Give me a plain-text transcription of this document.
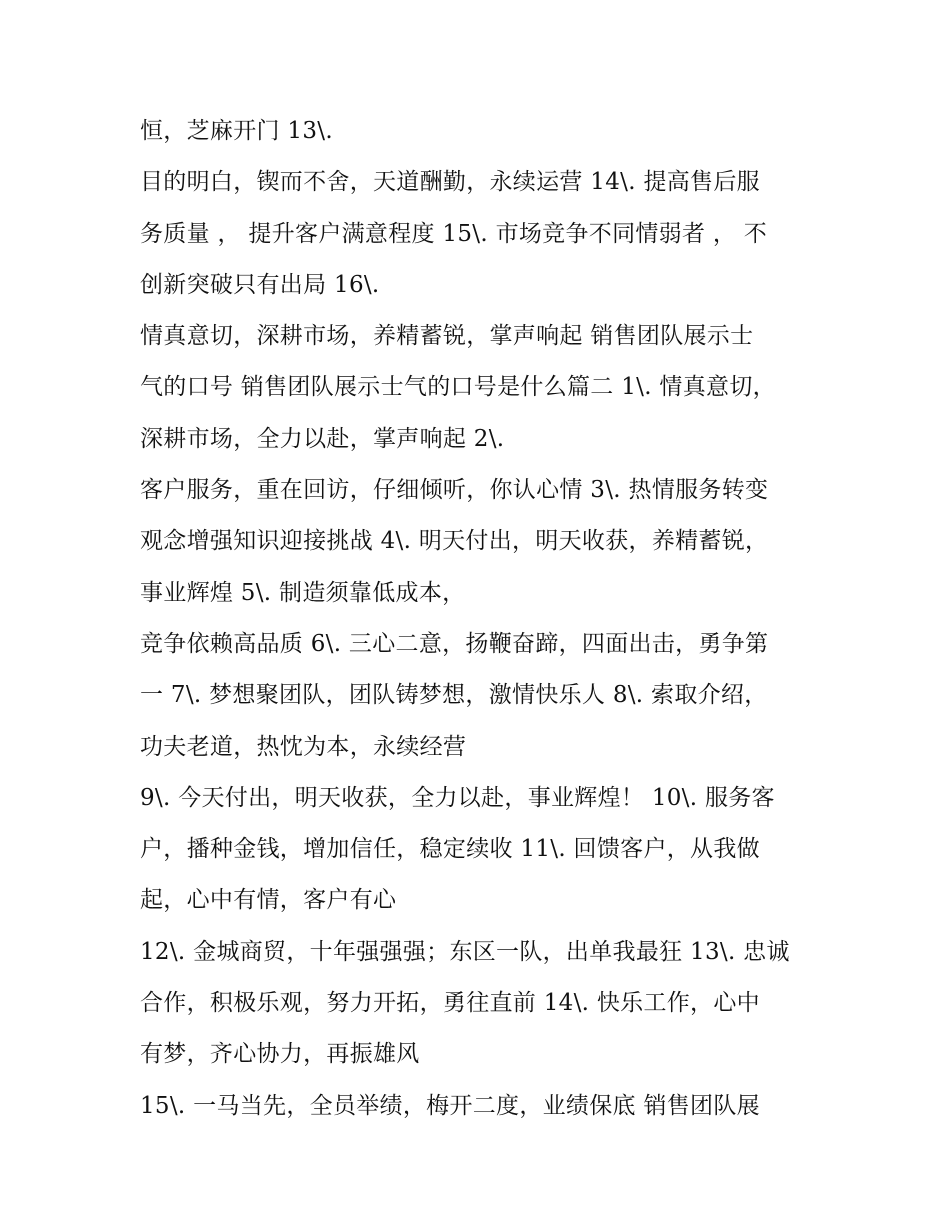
恒，芝麻开门 13\.
目的明白，锲而不舍，天道酬勤，永续运营 14\. 提高售后服
务质量 ， 提升客户满意程度 15\. 市场竞争不同情弱者 ， 不
创新突破只有出局 16\.
情真意切，深耕市场，养精蓄锐，掌声响起 销售团队展示士
气的口号 销售团队展示士气的口号是什么篇二 1\. 情真意切，
深耕市场，全力以赴，掌声响起 2\.
客户服务，重在回访，仔细倾听，你认心情 3\. 热情服务转变
观念增强知识迎接挑战 4\. 明天付出，明天收获，养精蓄锐，
事业辉煌 5\. 制造须靠低成本，
竞争依赖高品质 6\. 三心二意，扬鞭奋蹄，四面出击，勇争第
一 7\. 梦想聚团队，团队铸梦想，激情快乐人 8\. 索取介绍，
功夫老道，热忱为本，永续经营
9\. 今天付出，明天收获，全力以赴，事业辉煌！ 10\. 服务客
户，播种金钱，增加信任，稳定续收 11\. 回馈客户，从我做
起，心中有情，客户有心
12\. 金城商贸，十年强强强；东区一队，出单我最狂 13\. 忠诚
合作，积极乐观，努力开拓，勇往直前 14\. 快乐工作，心中
有梦，齐心协力，再振雄风
15\. 一马当先，全员举绩，梅开二度，业绩保底 销售团队展
